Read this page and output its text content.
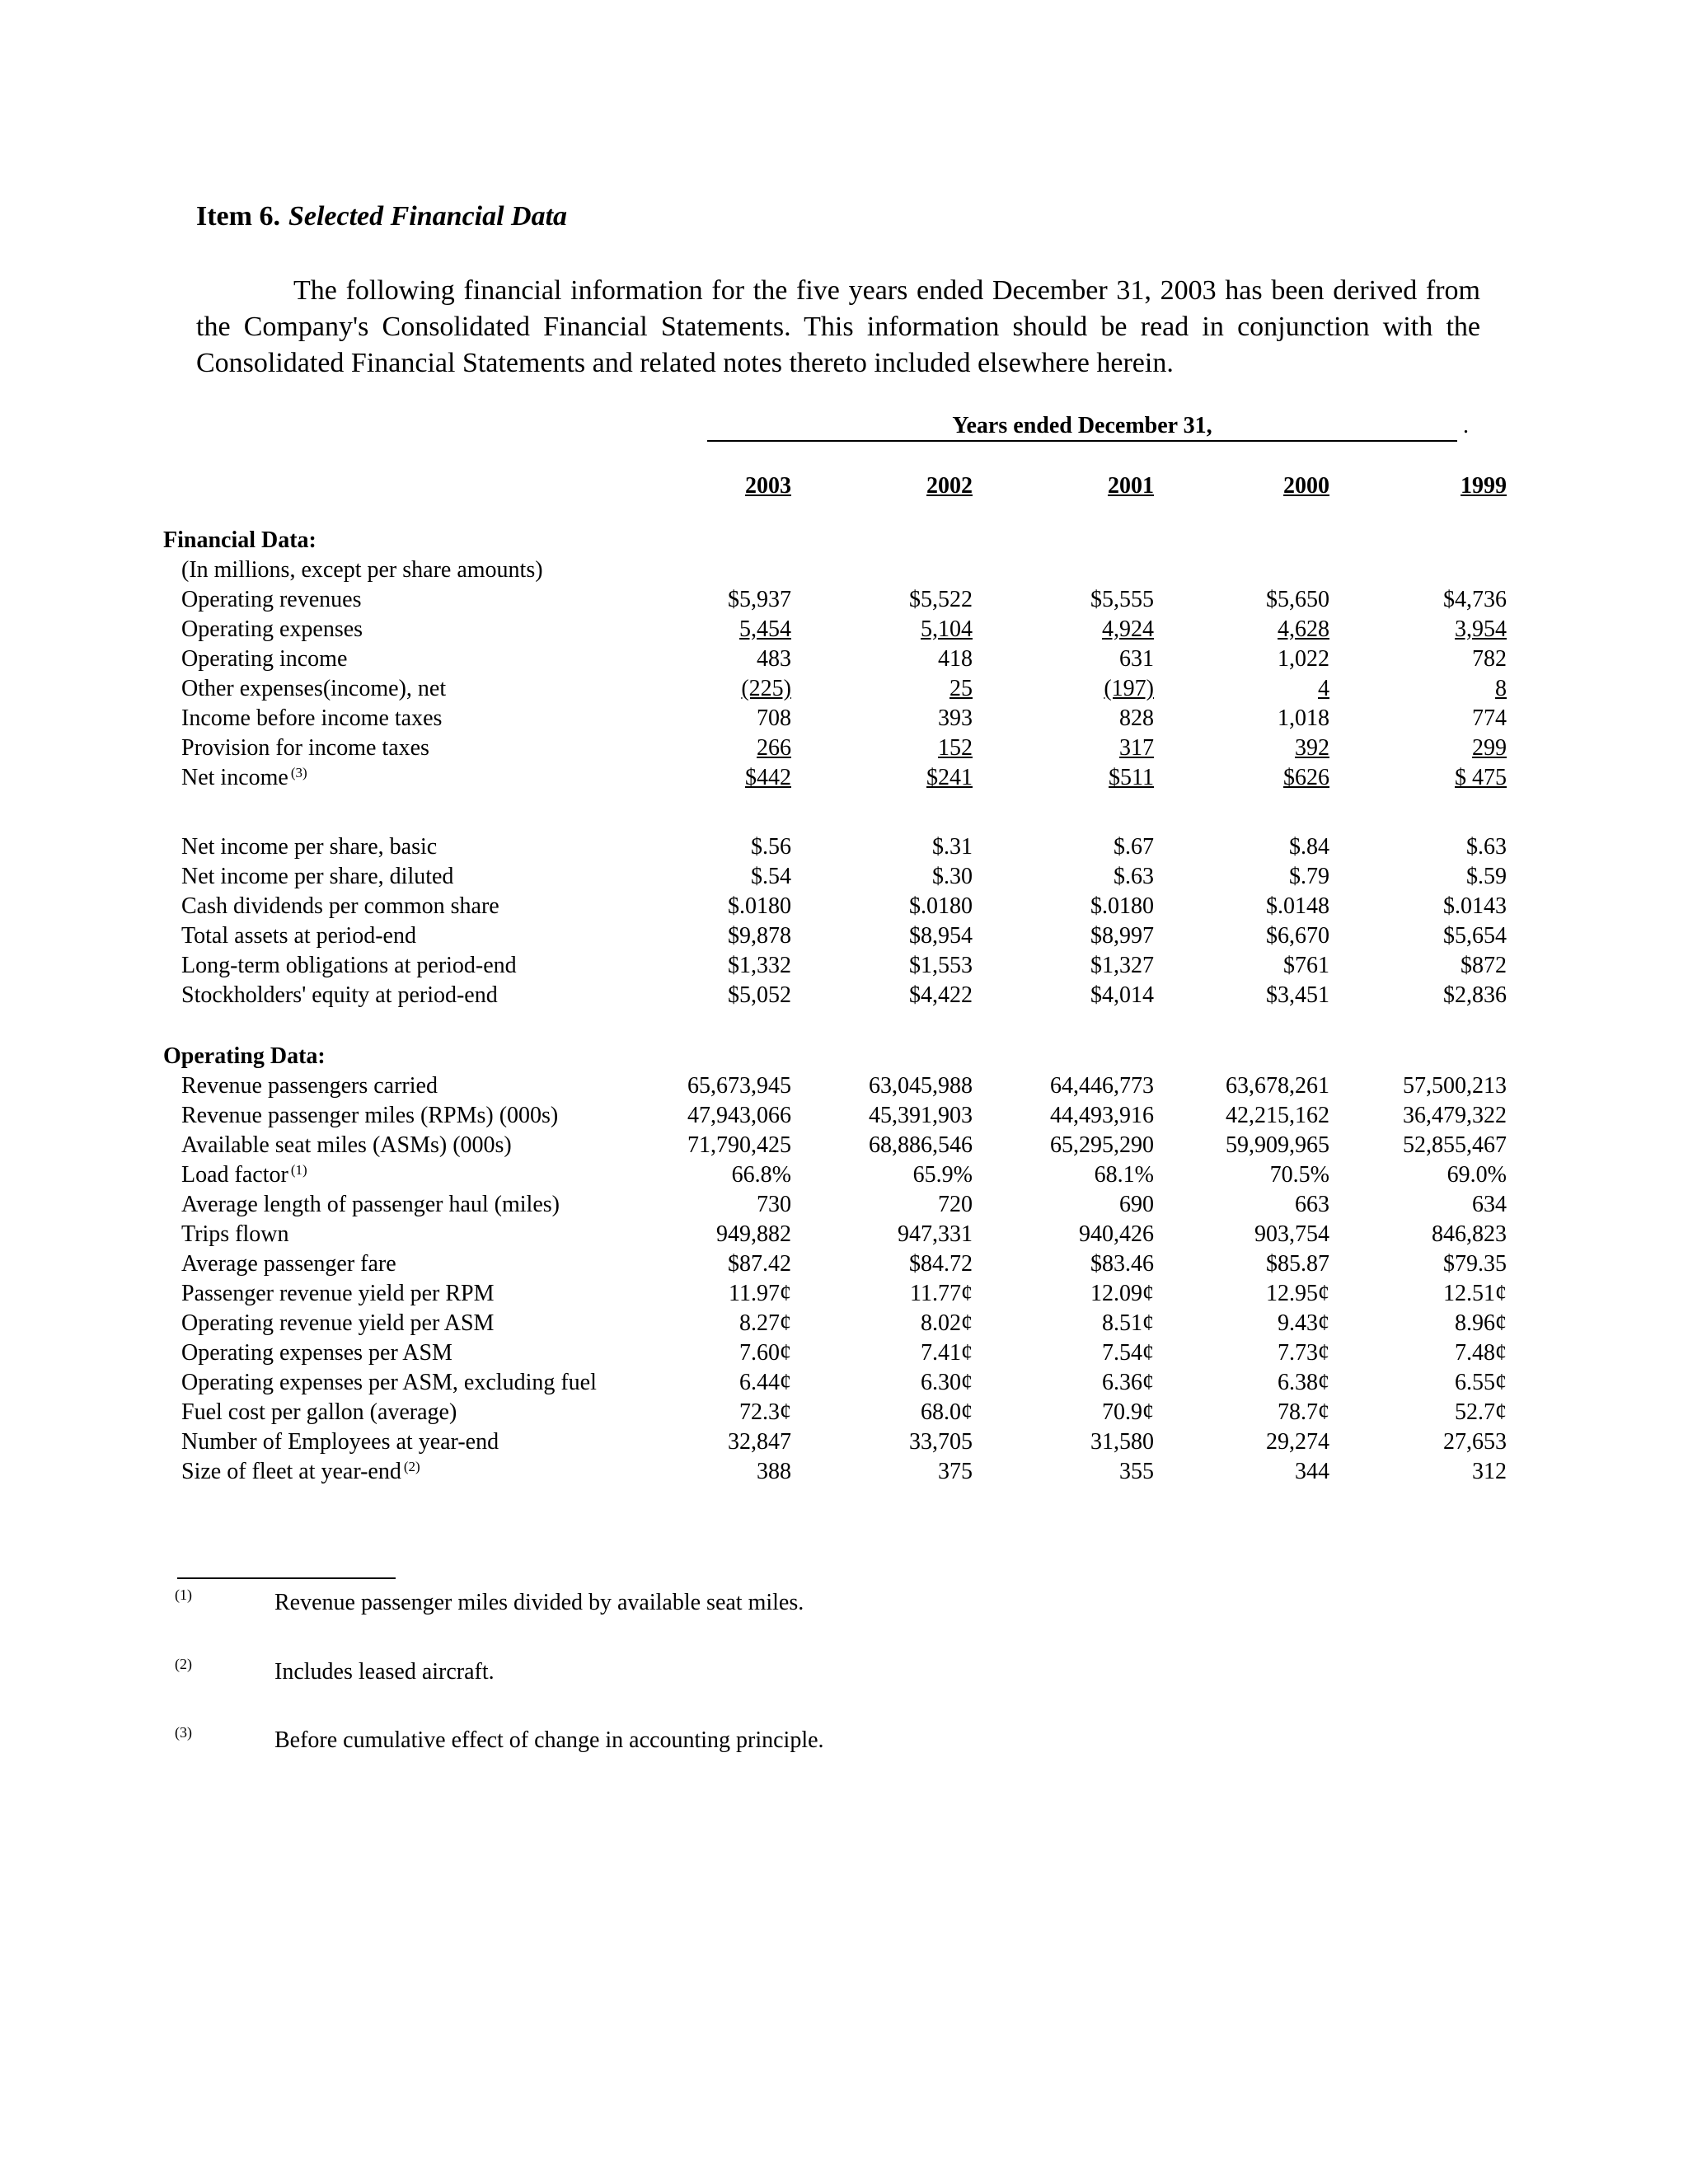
Item 6. Selected Financial Data

The following financial information for the five years ended December 31, 2003 has been derived from the Company's Consolidated Financial Statements. This information should be read in conjunction with the Consolidated Financial Statements and related notes thereto included elsewhere herein.

Years ended December 31,	.
2003	2002	2001	2000	1999
Financial Data:
(In millions, except per share amounts)
Operating revenues	$5,937	$5,522	$5,555	$5,650	$4,736
Operating expenses	5,454	5,104	4,924	4,628	3,954
Operating income	483	418	631	1,022	782
Other expenses(income), net	(225)	25	(197)	4	8
Income before income taxes	708	393	828	1,018	774
Provision for income taxes	266	152	317	392	299
Net income $^{(3)}$	$442	$241	$511	$626	$ 475
Net income per share, basic	$.56	$.31	$.67	$.84	$.63
Net income per share, diluted	$.54	$.30	$.63	$.79	$.59
Cash dividends per common share	$.0180	$.0180	$.0180	$.0148	$.0143
Total assets at period-end	$9,878	$8,954	$8,997	$6,670	$5,654
Long-term obligations at period-end	$1,332	$1,553	$1,327	$761	$872
Stockholders' equity at period-end	$5,052	$4,422	$4,014	$3,451	$2,836
Operating Data:
Revenue passengers carried	65,673,945	63,045,988	64,446,773	63,678,261	57,500,213
Revenue passenger miles (RPMs) (000s)	47,943,066	45,391,903	44,493,916	42,215,162	36,479,322
Available seat miles (ASMs) (000s)	71,790,425	68,886,546	65,295,290	59,909,965	52,855,467
Load factor $^{(1)}$	66.8%	65.9%	68.1%	70.5%	69.0%
Average length of passenger haul (miles)	730	720	690	663	634
Trips flown	949,882	947,331	940,426	903,754	846,823
Average passenger fare	$87.42	$84.72	$83.46	$85.87	$79.35
Passenger revenue yield per RPM	11.97¢	11.77¢	12.09¢	12.95¢	12.51¢
Operating revenue yield per ASM	8.27¢	8.02¢	8.51¢	9.43¢	8.96¢
Operating expenses per ASM	7.60¢	7.41¢	7.54¢	7.73¢	7.48¢
Operating expenses per ASM, excluding fuel	6.44¢	6.30¢	6.36¢	6.38¢	6.55¢
Fuel cost per gallon (average)	72.3¢	68.0¢	70.9¢	78.7¢	52.7¢
Number of Employees at year-end	32,847	33,705	31,580	29,274	27,653
Size of fleet at year-end $^{(2)}$	388	375	355	344	312
(1)	Revenue passenger miles divided by available seat miles.
(2)	Includes leased aircraft.
(3)	Before cumulative effect of change in accounting principle.
